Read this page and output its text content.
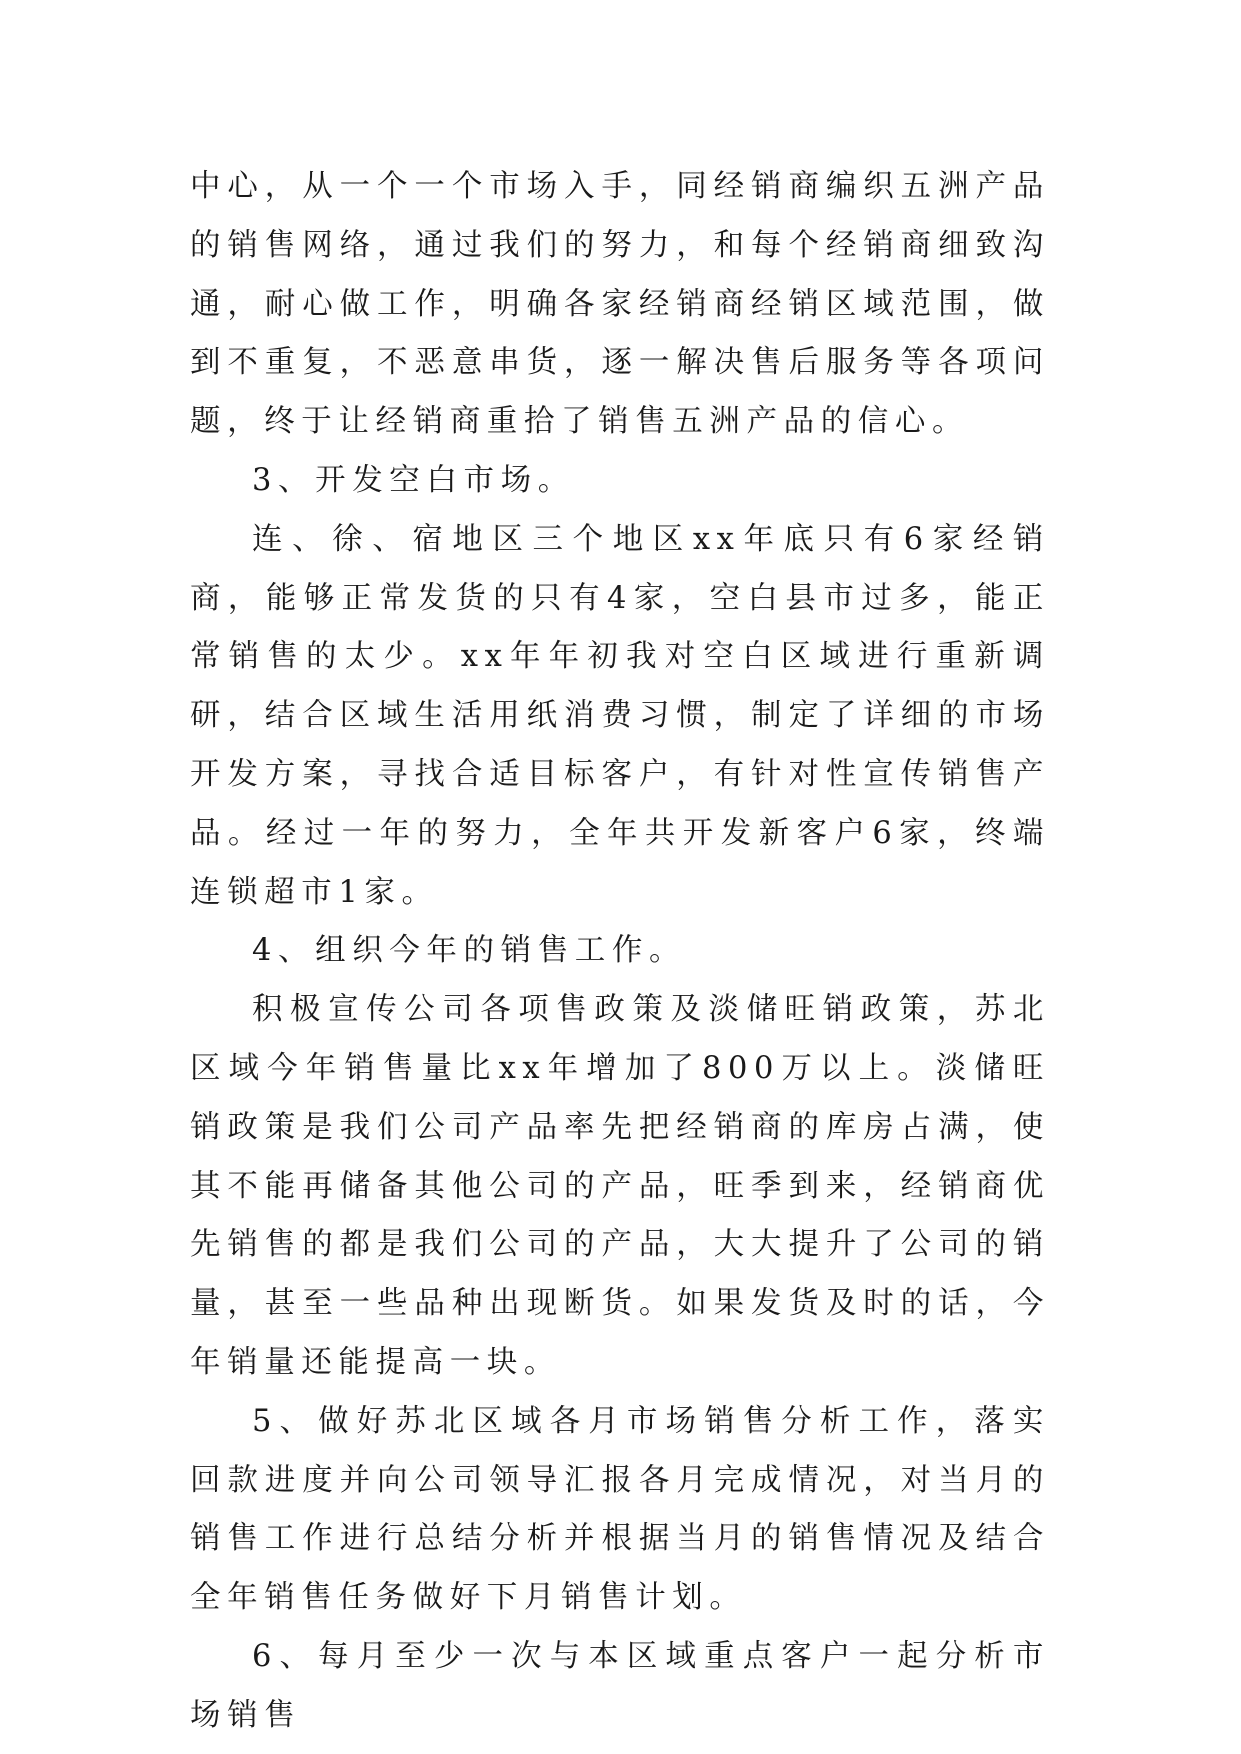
中心，从一个一个市场入手，同经销商编织五洲产品的销售网络，通过我们的努力，和每个经销商细致沟通，耐心做工作，明确各家经销商经销区域范围，做到不重复，不恶意串货，逐一解决售后服务等各项问题，终于让经销商重拾了销售五洲产品的信心。

3、开发空白市场。

连、徐、宿地区三个地区xx年底只有6家经销商，能够正常发货的只有4家，空白县市过多，能正常销售的太少。xx年年初我对空白区域进行重新调研，结合区域生活用纸消费习惯，制定了详细的市场开发方案，寻找合适目标客户，有针对性宣传销售产品。经过一年的努力，全年共开发新客户6家，终端连锁超市1家。

4、组织今年的销售工作。

积极宣传公司各项售政策及淡储旺销政策，苏北区域今年销售量比xx年增加了800万以上。淡储旺销政策是我们公司产品率先把经销商的库房占满，使其不能再储备其他公司的产品，旺季到来，经销商优先销售的都是我们公司的产品，大大提升了公司的销量，甚至一些品种出现断货。如果发货及时的话，今年销量还能提高一块。

5、做好苏北区域各月市场销售分析工作，落实回款进度并向公司领导汇报各月完成情况，对当月的销售工作进行总结分析并根据当月的销售情况及结合全年销售任务做好下月销售计划。

6、每月至少一次与本区域重点客户一起分析市场销售
